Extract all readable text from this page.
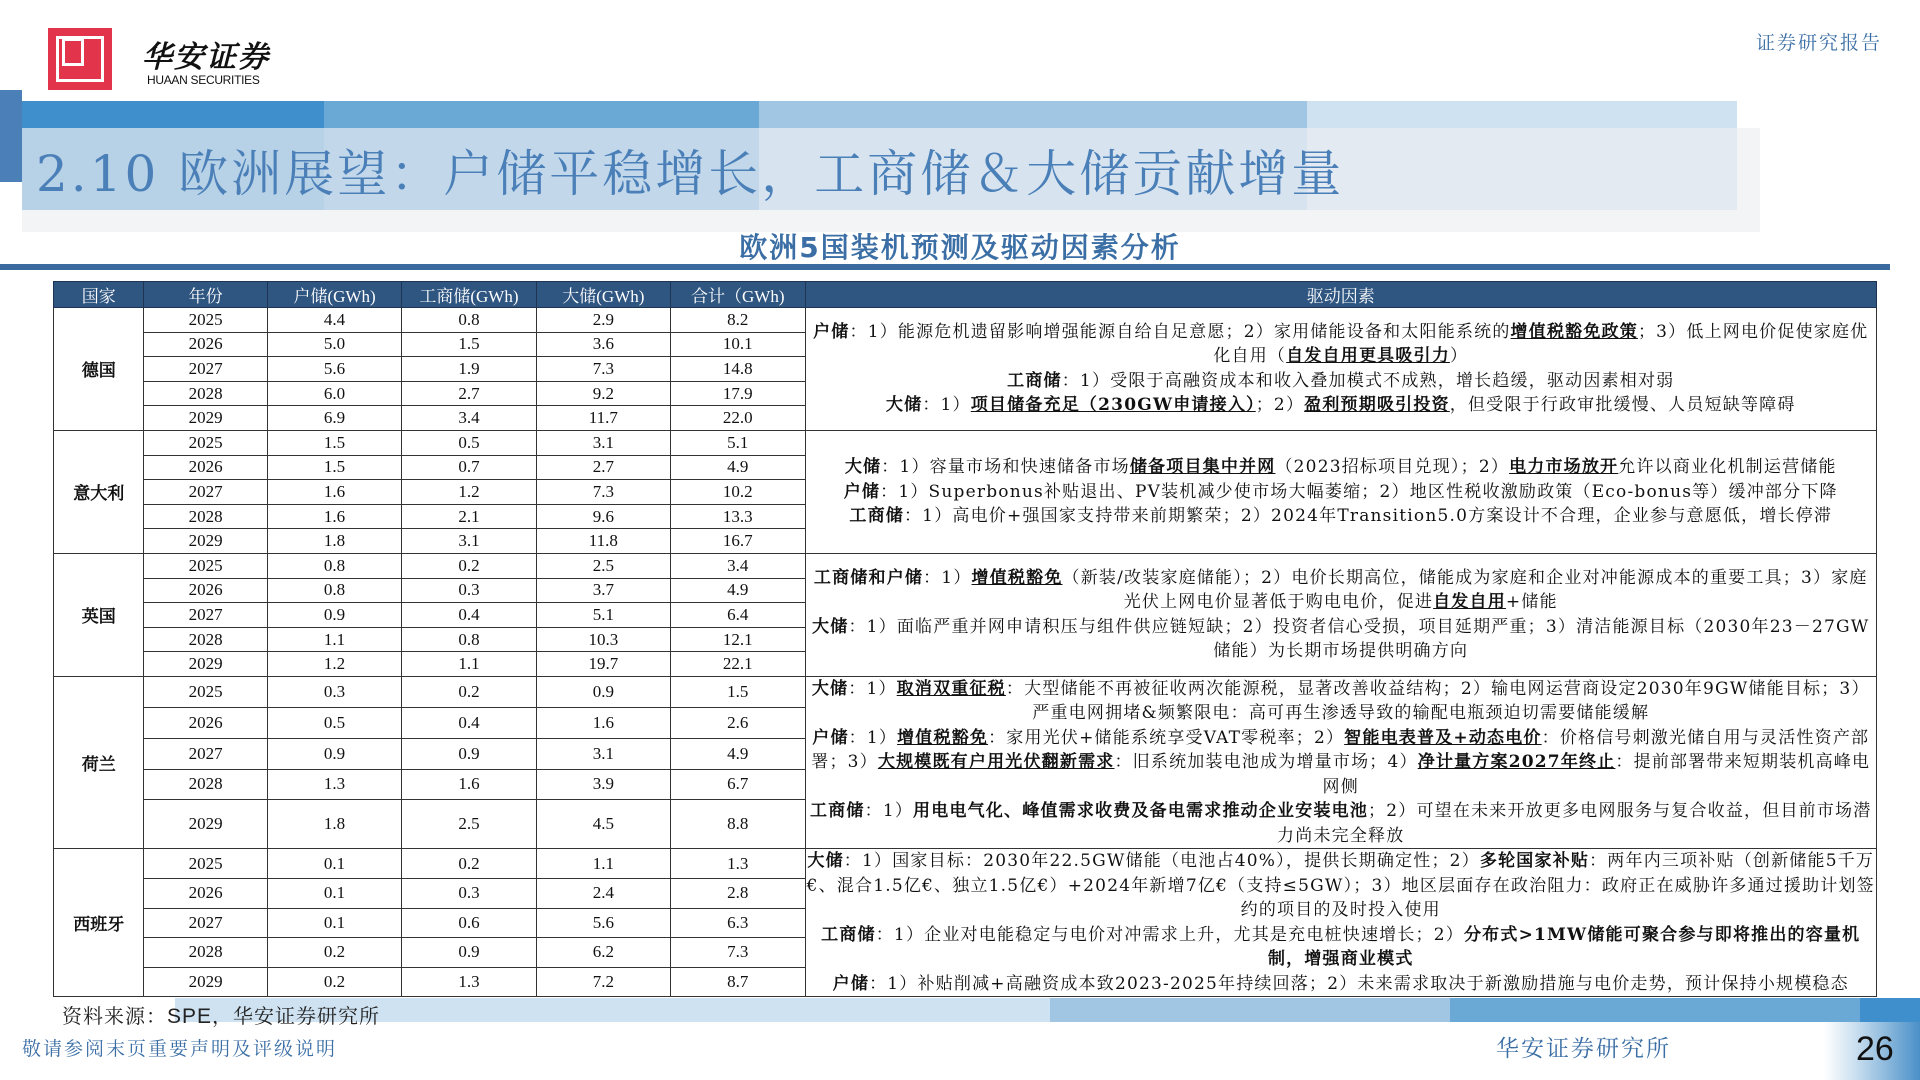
华安证券
HUAAN SECURITIES
证券研究报告
2.10 欧洲展望：户储平稳增长，工商储＆大储贡献增量
欧洲5国装机预测及驱动因素分析
国家	年份	户储(GWh)	工商储(GWh)	大储(GWh)	合计（GWh)	驱动因素
德国	2025	4.4	0.8	2.9	8.2	户储：1）能源危机遗留影响增强能源自给自足意愿；2）家用储能设备和太阳能系统的增值税豁免政策；3）低上网电价促使家庭优化自用（自发自用更具吸引力）
工商储：1）受限于高融资成本和收入叠加模式不成熟，增长趋缓，驱动因素相对弱
大储：1）项目储备充足（230GW申请接入）；2）盈利预期吸引投资，但受限于行政审批缓慢、人员短缺等障碍

	2026	5.0	1.5	3.6	10.1	
	2027	5.6	1.9	7.3	14.8	
	2028	6.0	2.7	9.2	17.9	
	2029	6.9	3.4	11.7	22.0	
意大利	2025	1.5	0.5	3.1	5.1	大储：1）容量市场和快速储备市场储备项目集中并网（2023招标项目兑现）；2）电力市场放开允许以商业化机制运营储能
户储：1）Superbonus补贴退出、PV装机减少使市场大幅萎缩；2）地区性税收激励政策（Eco-bonus等）缓冲部分下降
工商储：1）高电价+强国家支持带来前期繁荣；2）2024年Transition5.0方案设计不合理，企业参与意愿低，增长停滞

	2026	1.5	0.7	2.7	4.9	
	2027	1.6	1.2	7.3	10.2	
	2028	1.6	2.1	9.6	13.3	
	2029	1.8	3.1	11.8	16.7	
英国	2025	0.8	0.2	2.5	3.4	工商储和户储：1）增值税豁免（新装/改装家庭储能）；2）电价长期高位，储能成为家庭和企业对冲能源成本的重要工具；3）家庭光伏上网电价显著低于购电电价，促进自发自用+储能
大储：1）面临严重并网申请积压与组件供应链短缺；2）投资者信心受损，项目延期严重；3）清洁能源目标（2030年23－27GW储能）为长期市场提供明确方向

	2026	0.8	0.3	3.7	4.9	
	2027	0.9	0.4	5.1	6.4	
	2028	1.1	0.8	10.3	12.1	
	2029	1.2	1.1	19.7	22.1	
荷兰	2025	0.3	0.2	0.9	1.5	大储：1）取消双重征税：大型储能不再被征收两次能源税，显著改善收益结构；2）输电网运营商设定2030年9GW储能目标；3）严重电网拥堵&频繁限电：高可再生渗透导致的输配电瓶颈迫切需要储能缓解
户储：1）增值税豁免：家用光伏+储能系统享受VAT零税率；2）智能电表普及+动态电价：价格信号刺激光储自用与灵活性资产部署；3）大规模既有户用光伏翻新需求：旧系统加装电池成为增量市场；4）净计量方案2027年终止：提前部署带来短期装机高峰电网侧
工商储：1）用电电气化、峰值需求收费及备电需求推动企业安装电池；2）可望在未来开放更多电网服务与复合收益，但目前市场潜力尚未完全释放

	2026	0.5	0.4	1.6	2.6	
	2027	0.9	0.9	3.1	4.9	
	2028	1.3	1.6	3.9	6.7	
	2029	1.8	2.5	4.5	8.8	
西班牙	2025	0.1	0.2	1.1	1.3	大储：1）国家目标：2030年22.5GW储能（电池占40%），提供长期确定性；2）多轮国家补贴：两年内三项补贴（创新储能5千万€、混合1.5亿€、独立1.5亿€）+2024年新增7亿€（支持≤5GW）；3）地区层面存在政治阻力：政府正在威胁许多通过援助计划签约的项目的及时投入使用
工商储：1）企业对电能稳定与电价对冲需求上升，尤其是充电桩快速增长；2）分布式>1MW储能可聚合参与即将推出的容量机制，增强商业模式
户储：1）补贴削减+高融资成本致2023-2025年持续回落；2）未来需求取决于新激励措施与电价走势，预计保持小规模稳态

	2026	0.1	0.3	2.4	2.8	
	2027	0.1	0.6	5.6	6.3	
	2028	0.2	0.9	6.2	7.3	
	2029	0.2	1.3	7.2	8.7	
资料来源：SPE，华安证券研究所
敬请参阅末页重要声明及评级说明	华安证券研究所	26
